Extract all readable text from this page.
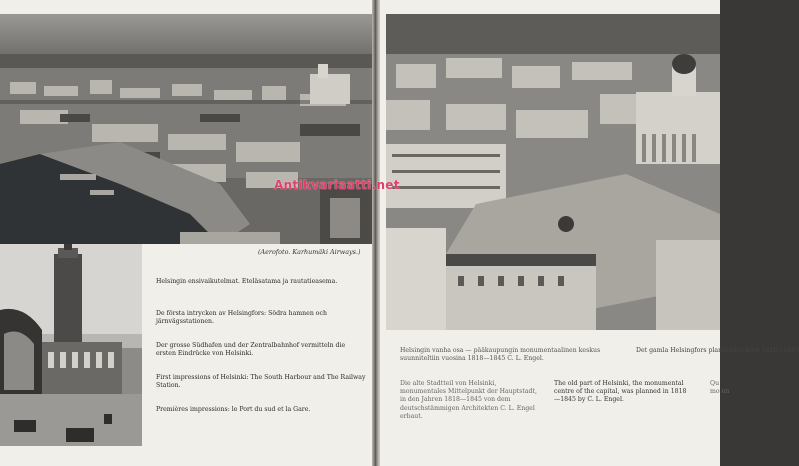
(Aerofoto. Karhumäki Airways.)
Helsingin ensivaikutelmat. Eteläsatama ja rautatieasema.
De första intrycken av Helsingfors: Södra hamnen och järnvägsstationen.
Der grosse Südhafen und der Zentralbahnhof vermitteln die ersten Eindrücke von Helsinki.
First impressions of Helsinki: The South Harbour and The Railway Station.
Premières impressions: le Port du sud et la Gare.
Helsingin vanha osa — pääkaupungin monumentaalinen keskus suunniteltiin vuosina 1818—1845 C. L. Engel.
Det gamla Helsingfors planerades åren 1818—1845
Die alte Stadtteil von Helsinki, monumentales Mittelpunkt der Hauptstadt, in den Jahren 1818—1845 von dem deutschstämmigen Architekten C. L. Engel erbaut.
The old part of Helsinki, the monumental centre of the capital, was planned in 1818—1845 by C. L. Engel.
Qu mo en
Antikvariaatti.net
